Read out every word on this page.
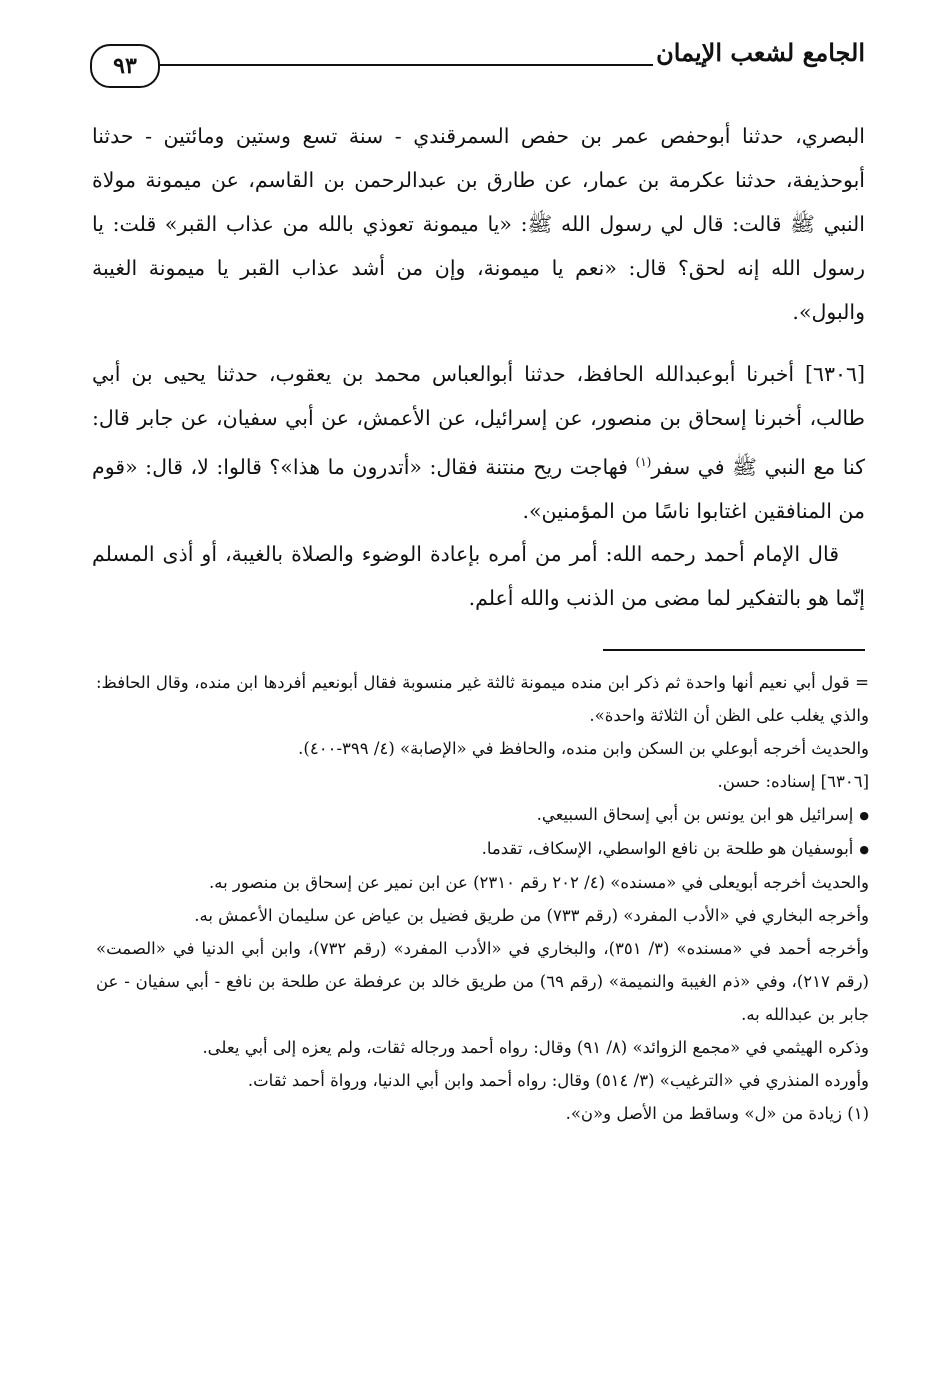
الجامع لشعب الإيمان
٩٣

البصري، حدثنا أبوحفص عمر بن حفص السمرقندي - سنة تسع وستين ومائتين - حدثنا أبوحذيفة، حدثنا عكرمة بن عمار، عن طارق بن عبدالرحمن بن القاسم، عن ميمونة مولاة النبي ﷺ قالت: قال لي رسول الله ﷺ: «يا ميمونة تعوذي بالله من عذاب القبر» قلت: يا رسول الله إنه لحق؟ قال: «نعم يا ميمونة، وإن من أشد عذاب القبر يا ميمونة الغيبة والبول».

[٦٣٠٦] أخبرنا أبوعبدالله الحافظ، حدثنا أبوالعباس محمد بن يعقوب، حدثنا يحيى بن أبي طالب، أخبرنا إسحاق بن منصور، عن إسرائيل، عن الأعمش، عن أبي سفيان، عن جابر قال: كنا مع النبي ﷺ في سفر$^{(١)}$ فهاجت ريح منتنة فقال: «أتدرون ما هذا»؟ قالوا: لا، قال: «قوم من المنافقين اغتابوا ناسًا من المؤمنين».

قال الإمام أحمد رحمه الله: أمر من أمره بإعادة الوضوء والصلاة بالغيبة، أو أذى المسلم إنّما هو بالتفكير لما مضى من الذنب والله أعلم.

= قول أبي نعيم أنها واحدة ثم ذكر ابن منده ميمونة ثالثة غير منسوبة فقال أبونعيم أفردها ابن منده، وقال الحافظ: والذي يغلب على الظن أن الثلاثة واحدة».

والحديث أخرجه أبوعلي بن السكن وابن منده، والحافظ في «الإصابة» (٤/ ٣٩٩-٤٠٠).

[٦٣٠٦] إسناده: حسن.

● إسرائيل هو ابن يونس بن أبي إسحاق السبيعي.

● أبوسفيان هو طلحة بن نافع الواسطي، الإسكاف، تقدما.

والحديث أخرجه أبويعلى في «مسنده» (٤/ ٢٠٢ رقم ٢٣١٠) عن ابن نمير عن إسحاق بن منصور به.

وأخرجه البخاري في «الأدب المفرد» (رقم ٧٣٣) من طريق فضيل بن عياض عن سليمان الأعمش به.

وأخرجه أحمد في «مسنده» (٣/ ٣٥١)، والبخاري في «الأدب المفرد» (رقم ٧٣٢)، وابن أبي الدنيا في «الصمت» (رقم ٢١٧)، وفي «ذم الغيبة والنميمة» (رقم ٦٩) من طريق خالد بن عرفطة عن طلحة بن نافع - أبي سفيان - عن جابر بن عبدالله به.

وذكره الهيثمي في «مجمع الزوائد» (٨/ ٩١) وقال: رواه أحمد ورجاله ثقات، ولم يعزه إلى أبي يعلى.

وأورده المنذري في «الترغيب» (٣/ ٥١٤) وقال: رواه أحمد وابن أبي الدنيا، ورواة أحمد ثقات.

(١) زيادة من «ل» وساقط من الأصل و«ن».
